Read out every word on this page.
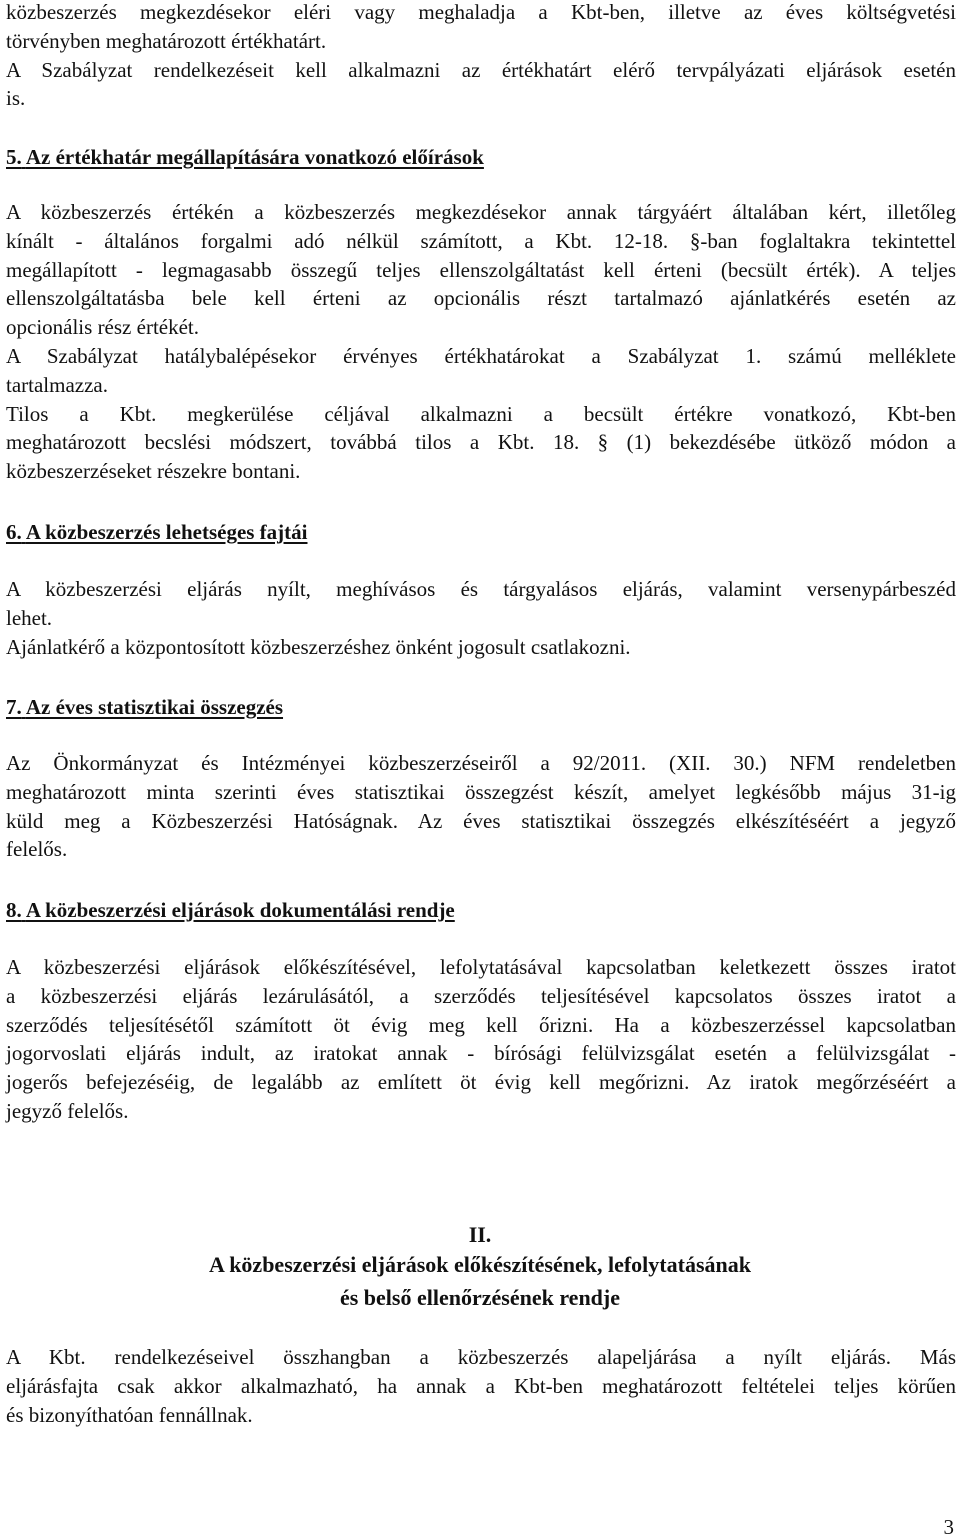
közbeszerzés megkezdésekor eléri vagy meghaladja a Kbt-ben, illetve az éves költségvetési

törvényben meghatározott értékhatárt.

A Szabályzat rendelkezéseit kell alkalmazni az értékhatárt elérő tervpályázati eljárások esetén

is.

5. Az értékhatár megállapítására vonatkozó előírások

A közbeszerzés értékén a közbeszerzés megkezdésekor annak tárgyáért általában kért, illetőleg

kínált - általános forgalmi adó nélkül számított, a Kbt. 12-18. §-ban foglaltakra tekintettel

megállapított - legmagasabb összegű teljes ellenszolgáltatást kell érteni (becsült érték). A teljes

ellenszolgáltatásba bele kell érteni az opcionális részt tartalmazó ajánlatkérés esetén az

opcionális rész értékét.

A Szabályzat hatálybalépésekor érvényes értékhatárokat a Szabályzat 1. számú melléklete

tartalmazza.

Tilos a Kbt. megkerülése céljával alkalmazni a becsült értékre vonatkozó, Kbt-ben

meghatározott becslési módszert, továbbá tilos a Kbt. 18. § (1) bekezdésébe ütköző módon a

közbeszerzéseket részekre bontani.

6. A közbeszerzés lehetséges fajtái

A közbeszerzési eljárás nyílt, meghívásos és tárgyalásos eljárás, valamint versenypárbeszéd

lehet.

Ajánlatkérő a központosított közbeszerzéshez önként jogosult csatlakozni.

7. Az éves statisztikai összegzés

Az Önkormányzat és Intézményei közbeszerzéseiről a 92/2011. (XII. 30.) NFM rendeletben

meghatározott minta szerinti éves statisztikai összegzést készít, amelyet legkésőbb május 31-ig

küld meg a Közbeszerzési Hatóságnak. Az éves statisztikai összegzés elkészítéséért a jegyző

felelős.

8. A közbeszerzési eljárások dokumentálási rendje

A közbeszerzési eljárások előkészítésével, lefolytatásával kapcsolatban keletkezett összes iratot

a közbeszerzési eljárás lezárulásától, a szerződés teljesítésével kapcsolatos összes iratot a

szerződés teljesítésétől számított öt évig meg kell őrizni. Ha a közbeszerzéssel kapcsolatban

jogorvoslati eljárás indult, az iratokat annak - bírósági felülvizsgálat esetén a felülvizsgálat -

jogerős befejezéséig, de legalább az említett öt évig kell megőrizni. Az iratok megőrzéséért a

jegyző felelős.

II.
A közbeszerzési eljárások előkészítésének, lefolytatásának
és belső ellenőrzésének rendje

A Kbt. rendelkezéseivel összhangban a közbeszerzés alapeljárása a nyílt eljárás. Más

eljárásfajta csak akkor alkalmazható, ha annak a Kbt-ben meghatározott feltételei teljes körűen

és bizonyíthatóan fennállnak.

3
